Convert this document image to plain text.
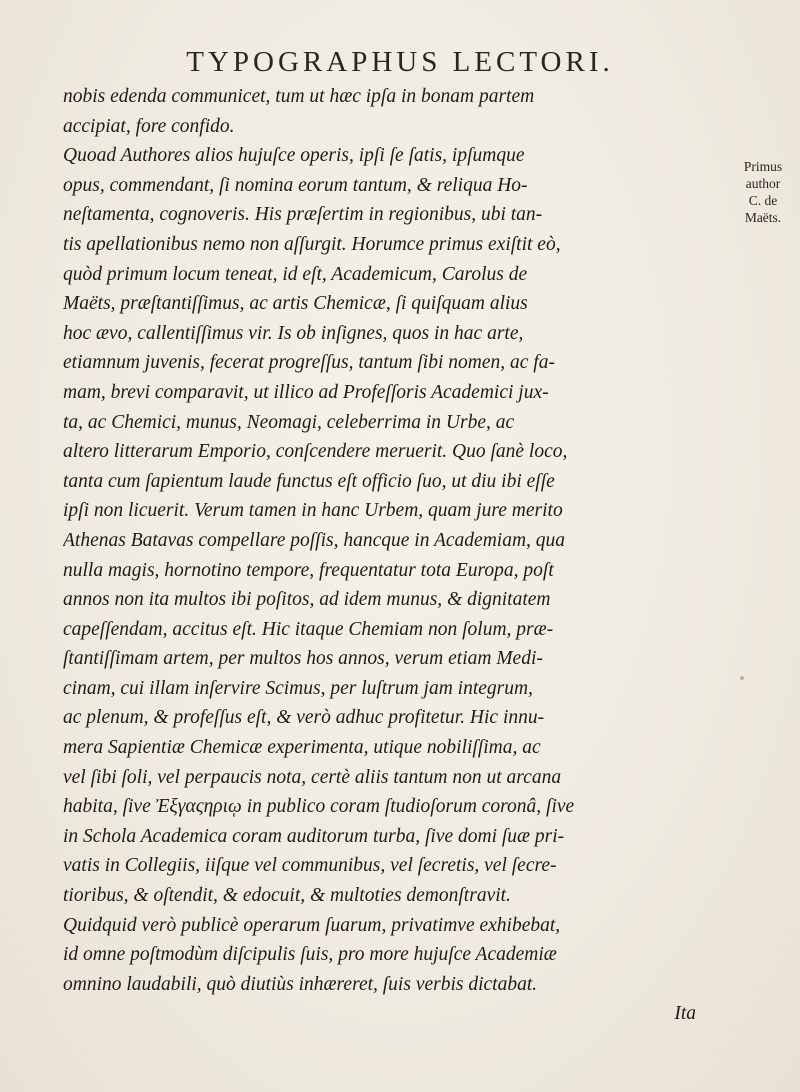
TYPOGRAPHUS LECTORI.
nobis edenda communicet, tum ut hæc ipſa in bonam partem
accipiat, fore confido.
Quoad Authores alios hujuſce operis, ipſi ſe ſatis, ipſumque
opus, commendant, ſi nomina eorum tantum, & reliqua Ho-
neſtamenta, cognoveris. His præſertim in regionibus, ubi tan-
tis apellationibus nemo non aſſurgit. Horumce primus exiſtit eò,
quòd primum locum teneat, id eſt, Academicum, Carolus de
Maëts, præſtantiſſimus, ac artis Chemicæ, ſi quiſquam alius
hoc ævo, callentiſſimus vir. Is ob inſignes, quos in hac arte,
etiamnum juvenis, fecerat progreſſus, tantum ſibi nomen, ac fa-
mam, brevi comparavit, ut illico ad Profeſſoris Academici jux-
ta, ac Chemici, munus, Neomagi, celeberrima in Urbe, ac
altero litterarum Emporio, conſcendere meruerit. Quo ſanè loco,
tanta cum ſapientum laude functus eſt officio ſuo, ut diu ibi eſſe
ipſi non licuerit. Verum tamen in hanc Urbem, quam jure merito
Athenas Batavas compellare poſſis, hancque in Academiam, qua
nulla magis, hornotino tempore, frequentatur tota Europa, poſt
annos non ita multos ibi poſitos, ad idem munus, & dignitatem
capeſſendam, accitus eſt. Hic itaque Chemiam non ſolum, præ-
ſtantiſſimam artem, per multos hos annos, verum etiam Medi-
cinam, cui illam inſervire Scimus, per luſtrum jam integrum,
ac plenum, & profeſſus eſt, & verò adhuc profitetur. Hic innu-
mera Sapientiæ Chemicæ experimenta, utique nobiliſſima, ac
vel ſibi ſoli, vel perpaucis nota, certè aliis tantum non ut arcana
habita, ſive Ἐξγαςηριῳ in publico coram ſtudioſorum coronâ, ſive
in Schola Academica coram auditorum turba, ſive domi ſuæ pri-
vatis in Collegiis, iiſque vel communibus, vel ſecretis, vel ſecre-
tioribus, & oſtendit, & edocuit, & multoties demonſtravit.
Quidquid verò publicè operarum ſuarum, privatimve exhibebat,
id omne poſtmodùm diſcipulis ſuis, pro more hujuſce Academiæ
omnino laudabili, quò diutiùs inhæreret, ſuis verbis dictabat.
Ita
Primus
author
C. de
Maëts.
